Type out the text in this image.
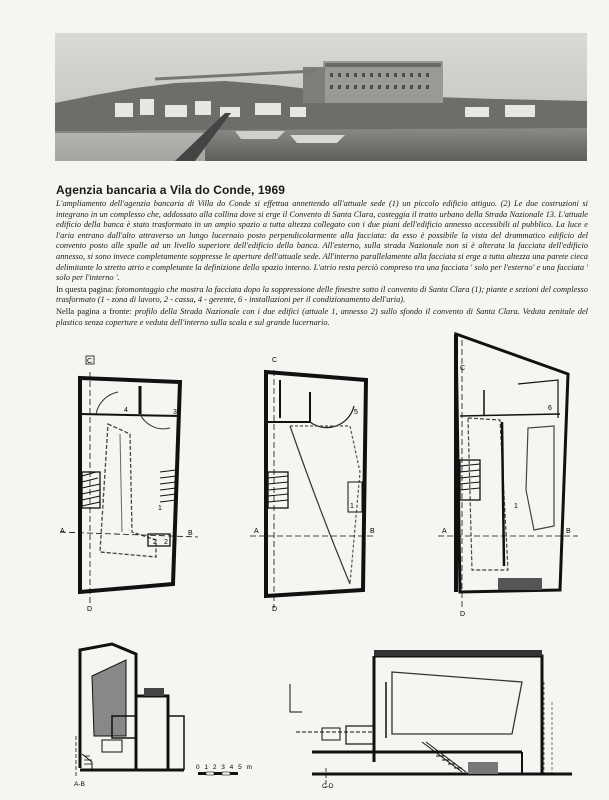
Agenzia bancaria a Vila do Conde, 1969

L'ampliamento dell'agenzia bancaria di Villa do Conde si effettua annettendo all'attuale sede (1) un piccolo edificio attiguo. (2) Le due costruzioni si integrano in un complesso che, addossato alla collina dove si erge il Convento di Santa Clara, costeggia il tratto urbano della Strada Nazionale 13. L'attuale edificio della banca è stato trasformato in un ampio spazio a tutta altezza collegato con i due piani dell'edificio annesso accessibili al pubblico. La luce e l'aria entrano dall'alto attraverso un lungo lucernaio posto perpendicolarmente alla facciata: da esso è possibile la vista del drammatico edificio del convento posto alle spalle ad un livello superiore dell'edificio della banca. All'esterno, sulla strada Nazionale non si è alterata la facciata dell'edificio annesso, si sono invece completamente soppresse le aperture dell'attuale sede. All'interno parallelamente alla facciata si erge a tutta altezza una parete cieca delimitante lo stretto atrio e completante la definizione dello spazio interno. L'atrio resta perciò compreso tra una facciata ' solo per l'esterno' e una facciata ' solo per l'interno '.

In questa pagina: fotomontaggio che mostra la facciata dopo la soppressione delle finestre sotto il convento di Santa Clara (1); piante e sezioni del complesso trasformato (1 - zona di lavoro, 2 - cassa, 4 - gerente, 6 - installazioni per il condizionamento dell'aria).

Nella pagina a fronte: profilo della Strada Nazionale con i due edifici (attuale 1, annesso 2) sullo sfondo il convento di Santa Clara. Veduta zenitale del plastico senza coperture e veduta dell'interno sulla scala e sul grande lucernario.

C
D
A	B
1
2 2
3
4
C
D
A	B
1
5
C
D
A	B
1
6
A-B
0 1 2 3 4 5 m
C-D
